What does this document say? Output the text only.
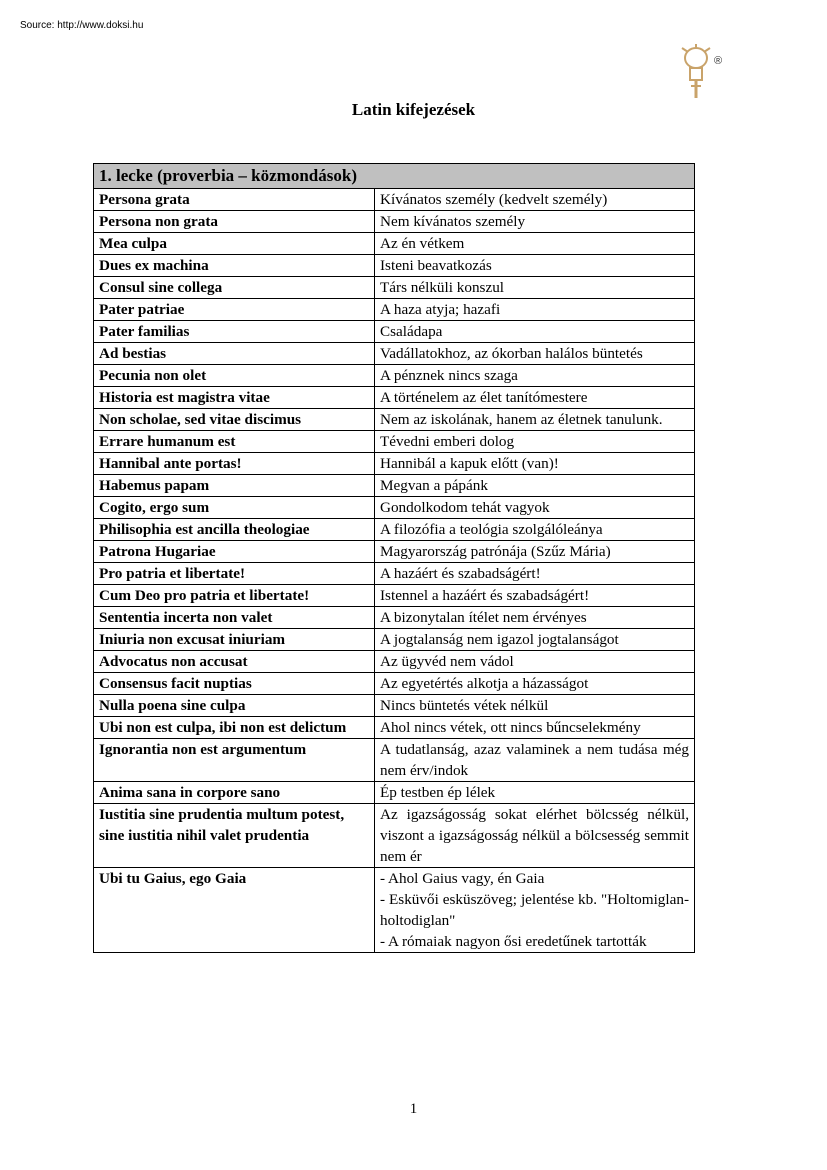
Source: http://www.doksi.hu
®
Latin kifejezések
1. lecke (proverbia – közmondások)	
Persona grata	Kívánatos személy (kedvelt személy)
Persona non grata	Nem kívánatos személy
Mea culpa	Az én vétkem
Dues ex machina	Isteni beavatkozás
Consul sine collega	Társ nélküli konszul
Pater patriae	A haza atyja; hazafi
Pater familias	Családapa
Ad bestias	Vadállatokhoz, az ókorban halálos büntetés
Pecunia non olet	A pénznek nincs szaga
Historia est magistra vitae	A történelem az élet tanítómestere
Non scholae, sed vitae discimus	Nem az iskolának, hanem az életnek tanulunk.
Errare humanum est	Tévedni emberi dolog
Hannibal ante portas!	Hannibál a kapuk előtt (van)!
Habemus papam	Megvan a pápánk
Cogito, ergo sum	Gondolkodom tehát vagyok
Philisophia est ancilla theologiae	A filozófia a teológia szolgálóleánya
Patrona Hugariae	Magyarország patrónája (Szűz Mária)
Pro patria et libertate!	A hazáért és szabadságért!
Cum Deo pro patria et libertate!	Istennel a hazáért és szabadságért!
Sententia incerta non valet	A bizonytalan ítélet nem érvényes
Iniuria non excusat iniuriam	A jogtalanság nem igazol jogtalanságot
Advocatus non accusat	Az ügyvéd nem vádol
Consensus facit nuptias	Az egyetértés alkotja a házasságot
Nulla poena sine culpa	Nincs büntetés vétek nélkül
Ubi non est culpa, ibi non est delictum	Ahol nincs vétek, ott nincs bűncselekmény
Ignorantia non est argumentum	A tudatlanság, azaz valaminek a nem tudása még nem érv/indok
Anima sana in corpore sano	Ép testben ép lélek
Iustitia sine prudentia multum potest, sine iustitia nihil valet prudentia	Az igazságosság sokat elérhet bölcsség nélkül, viszont a igazságosság nélkül a bölcsesség semmit nem ér
Ubi tu Gaius, ego Gaia	- Ahol Gaius vagy, én Gaia
- Esküvői esküszöveg; jelentése kb. "Holtomiglan-holtodiglan"
- A rómaiak nagyon ősi eredetűnek tartották
1
